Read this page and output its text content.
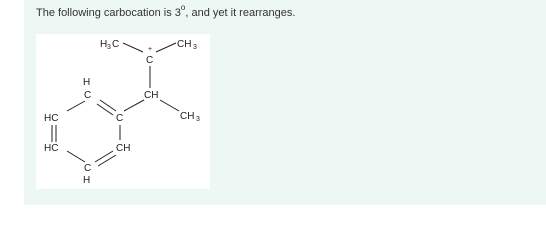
The following carbocation is 3$^o$, and yet it rearranges.

H 3 C	+
C
CH 3
CH
CH 3
H
C
C
HC
HC	CH
C
H
